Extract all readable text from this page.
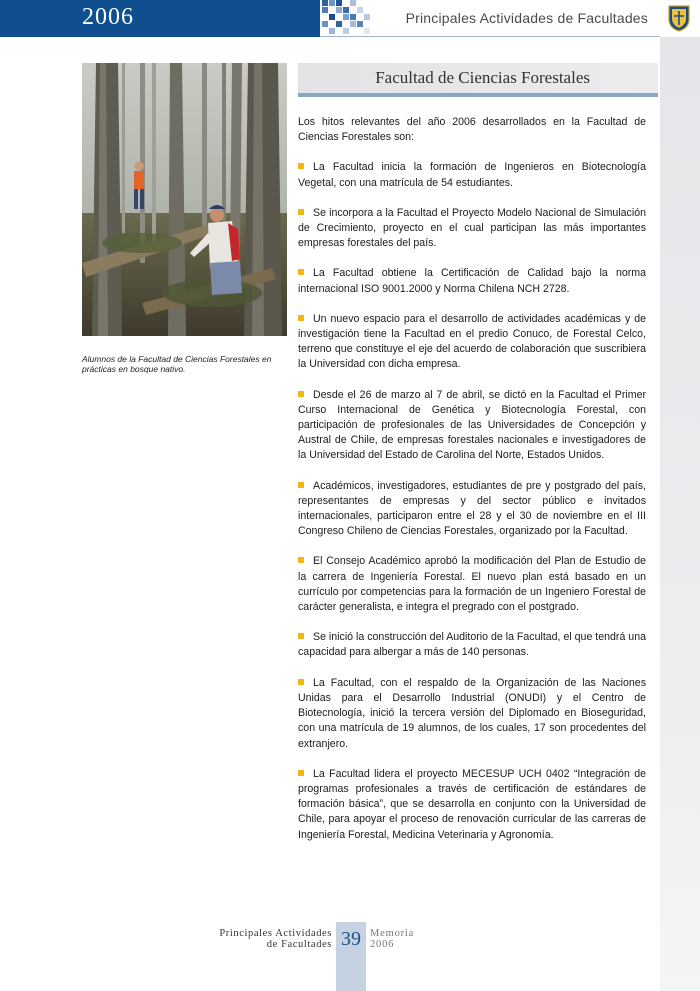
2006	Principales Actividades de Facultades
Alumnos de la Facultad de Ciencias Forestales en prácticas en bosque nativo.
Facultad de Ciencias Forestales

Los hitos relevantes del año 2006 desarrollados en la Facultad de Ciencias Forestales son:

La Facultad inicia la formación de Ingenieros en Biotecnología Vegetal, con una matrícula de 54 estudiantes.

Se incorpora a la Facultad el Proyecto Modelo Nacional de Simulación de Crecimiento, proyecto en el cual participan las más importantes empresas forestales del país.

La Facultad obtiene la Certificación de Calidad bajo la norma internacional ISO 9001.2000 y Norma Chilena NCH 2728.

Un nuevo espacio para el desarrollo de actividades académicas y de investigación tiene la Facultad en el predio Conuco, de Forestal Celco, terreno que constituye el eje del acuerdo de colaboración que suscribiera la Universidad con dicha empresa.

Desde el 26 de marzo al 7 de abril, se dictó en la Facultad el Primer Curso Internacional de Genética y Biotecnología Forestal, con participación de profesionales de las Universidades de Concepción y Austral de Chile, de empresas forestales nacionales e investigadores de la Universidad del Estado de Carolina del Norte, Estados Unidos.

Académicos, investigadores, estudiantes de pre y postgrado del país, representantes de empresas y del sector público e invitados internacionales, participaron entre el 28 y el 30 de noviembre en el III Congreso Chileno de Ciencias Forestales, organizado por la Facultad.

El Consejo Académico aprobó la modificación del Plan de Estudio de la carrera de Ingeniería Forestal. El nuevo plan está basado en un currículo por competencias para la formación de un Ingeniero Forestal de carácter generalista, e integra el pregrado con el postgrado.

Se inició la construcción del Auditorio de la Facultad, el que tendrá una capacidad para albergar a más de 140 personas.

La Facultad, con el respaldo de la Organización de las Naciones Unidas para el Desarrollo Industrial (ONUDI) y el Centro de Biotecnología, inició la tercera versión del Diplomado en Bioseguridad, con una matrícula de 19 alumnos, de los cuales, 17 son procedentes del extranjero.

La Facultad lidera el proyecto MECESUP UCH 0402 “Integración de programas profesionales a través de certificación de estándares de formación básica”, que se desarrolla en conjunto con la Universidad de Chile, para apoyar el proceso de renovación curricular de las carreras de Ingeniería Forestal, Medicina Veterinaria y Agronomía.

Principales Actividades
de Facultades 39 Memoria
2006
